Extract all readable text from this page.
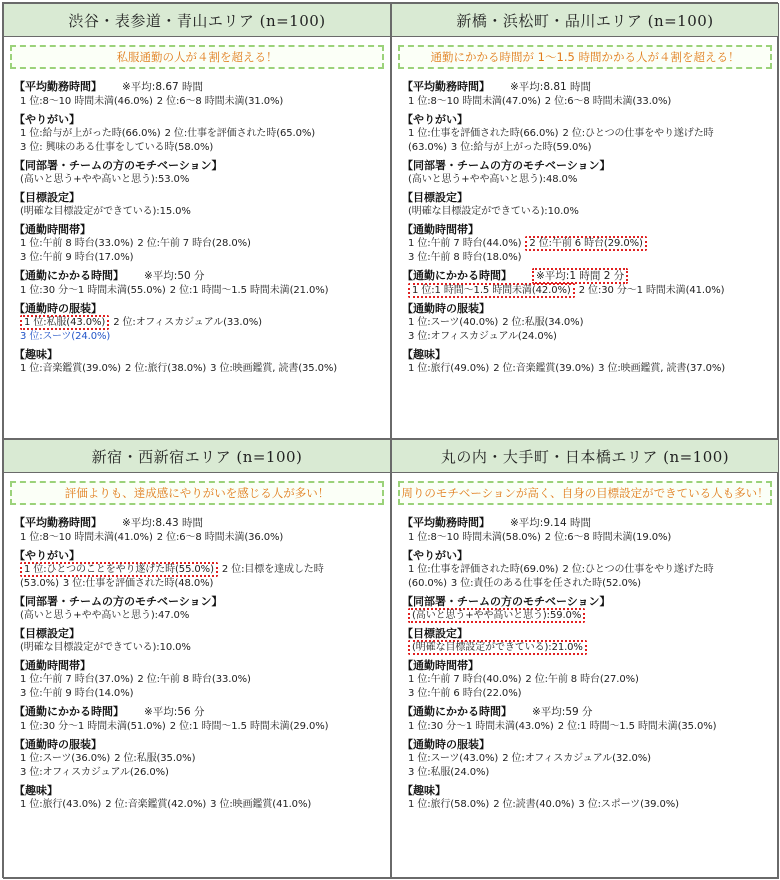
渋谷・表参道・青山エリア (n=100)
私服通勤の人が４割を超える！
【平均勤務時間】 ※平均:8.67 時間
1 位:8～10 時間未満(46.0%) 2 位:6～8 時間未満(31.0%)
【やりがい】
1 位:給与が上がった時(66.0%) 2 位:仕事を評価された時(65.0%)
3 位: 興味のある仕事をしている時(58.0%)
【同部署・チームの方のモチベーション】
(高いと思う+やや高いと思う):53.0%
【目標設定】
(明確な目標設定ができている):15.0%
【通勤時間帯】
1 位:午前 8 時台(33.0%) 2 位:午前 7 時台(28.0%)
3 位:午前 9 時台(17.0%)
【通勤にかかる時間】 ※平均:50 分
1 位:30 分～1 時間未満(55.0%) 2 位:1 時間～1.5 時間未満(21.0%)
【通勤時の服装】
1 位:私服(43.0%) 2 位:オフィスカジュアル(33.0%)
3 位:スーツ(24.0%)
【趣味】
1 位:音楽鑑賞(39.0%) 2 位:旅行(38.0%) 3 位:映画鑑賞, 読書(35.0%)
新橋・浜松町・品川エリア (n=100)
通勤にかかる時間が 1～1.5 時間かかる人が４割を超える！
【平均勤務時間】 ※平均:8.81 時間
1 位:8～10 時間未満(47.0%) 2 位:6～8 時間未満(33.0%)
【やりがい】
1 位:仕事を評価された時(66.0%) 2 位:ひとつの仕事をやり遂げた時
(63.0%) 3 位:給与が上がった時(59.0%)
【同部署・チームの方のモチベーション】
(高いと思う+やや高いと思う):48.0%
【目標設定】
(明確な目標設定ができている):10.0%
【通勤時間帯】
1 位:午前 7 時台(44.0%) 2 位:午前 6 時台(29.0%)
3 位:午前 8 時台(18.0%)
【通勤にかかる時間】 ※平均:1 時間 2 分
1 位:1 時間～1.5 時間未満(42.0%) 2 位:30 分～1 時間未満(41.0%)
【通勤時の服装】
1 位:スーツ(40.0%) 2 位:私服(34.0%)
3 位:オフィスカジュアル(24.0%)
【趣味】
1 位:旅行(49.0%) 2 位:音楽鑑賞(39.0%) 3 位:映画鑑賞, 読書(37.0%)
新宿・西新宿エリア (n=100)
評価よりも、達成感にやりがいを感じる人が多い！
【平均勤務時間】 ※平均:8.43 時間
1 位:8～10 時間未満(41.0%) 2 位:6～8 時間未満(36.0%)
【やりがい】
1 位:ひとつのことをやり遂げた時(55.0%) 2 位:目標を達成した時
(53.0%) 3 位:仕事を評価された時(48.0%)
【同部署・チームの方のモチベーション】
(高いと思う+やや高いと思う):47.0%
【目標設定】
(明確な目標設定ができている):10.0%
【通勤時間帯】
1 位:午前 7 時台(37.0%) 2 位:午前 8 時台(33.0%)
3 位:午前 9 時台(14.0%)
【通勤にかかる時間】 ※平均:56 分
1 位:30 分～1 時間未満(51.0%) 2 位:1 時間～1.5 時間未満(29.0%)
【通勤時の服装】
1 位:スーツ(36.0%) 2 位:私服(35.0%)
3 位:オフィスカジュアル(26.0%)
【趣味】
1 位:旅行(43.0%) 2 位:音楽鑑賞(42.0%) 3 位:映画鑑賞(41.0%)
丸の内・大手町・日本橋エリア (n=100)
周りのモチベーションが高く、自身の目標設定ができている人も多い！
【平均勤務時間】 ※平均:9.14 時間
1 位:8～10 時間未満(58.0%) 2 位:6～8 時間未満(19.0%)
【やりがい】
1 位:仕事を評価された時(69.0%) 2 位:ひとつの仕事をやり遂げた時
(60.0%) 3 位:責任のある仕事を任された時(52.0%)
【同部署・チームの方のモチベーション】
(高いと思う+やや高いと思う):59.0%
【目標設定】
(明確な目標設定ができている):21.0%
【通勤時間帯】
1 位:午前 7 時台(40.0%) 2 位:午前 8 時台(27.0%)
3 位:午前 6 時台(22.0%)
【通勤にかかる時間】 ※平均:59 分
1 位:30 分～1 時間未満(43.0%) 2 位:1 時間～1.5 時間未満(35.0%)
【通勤時の服装】
1 位:スーツ(43.0%) 2 位:オフィスカジュアル(32.0%)
3 位:私服(24.0%)
【趣味】
1 位:旅行(58.0%) 2 位:読書(40.0%) 3 位:スポーツ(39.0%)
